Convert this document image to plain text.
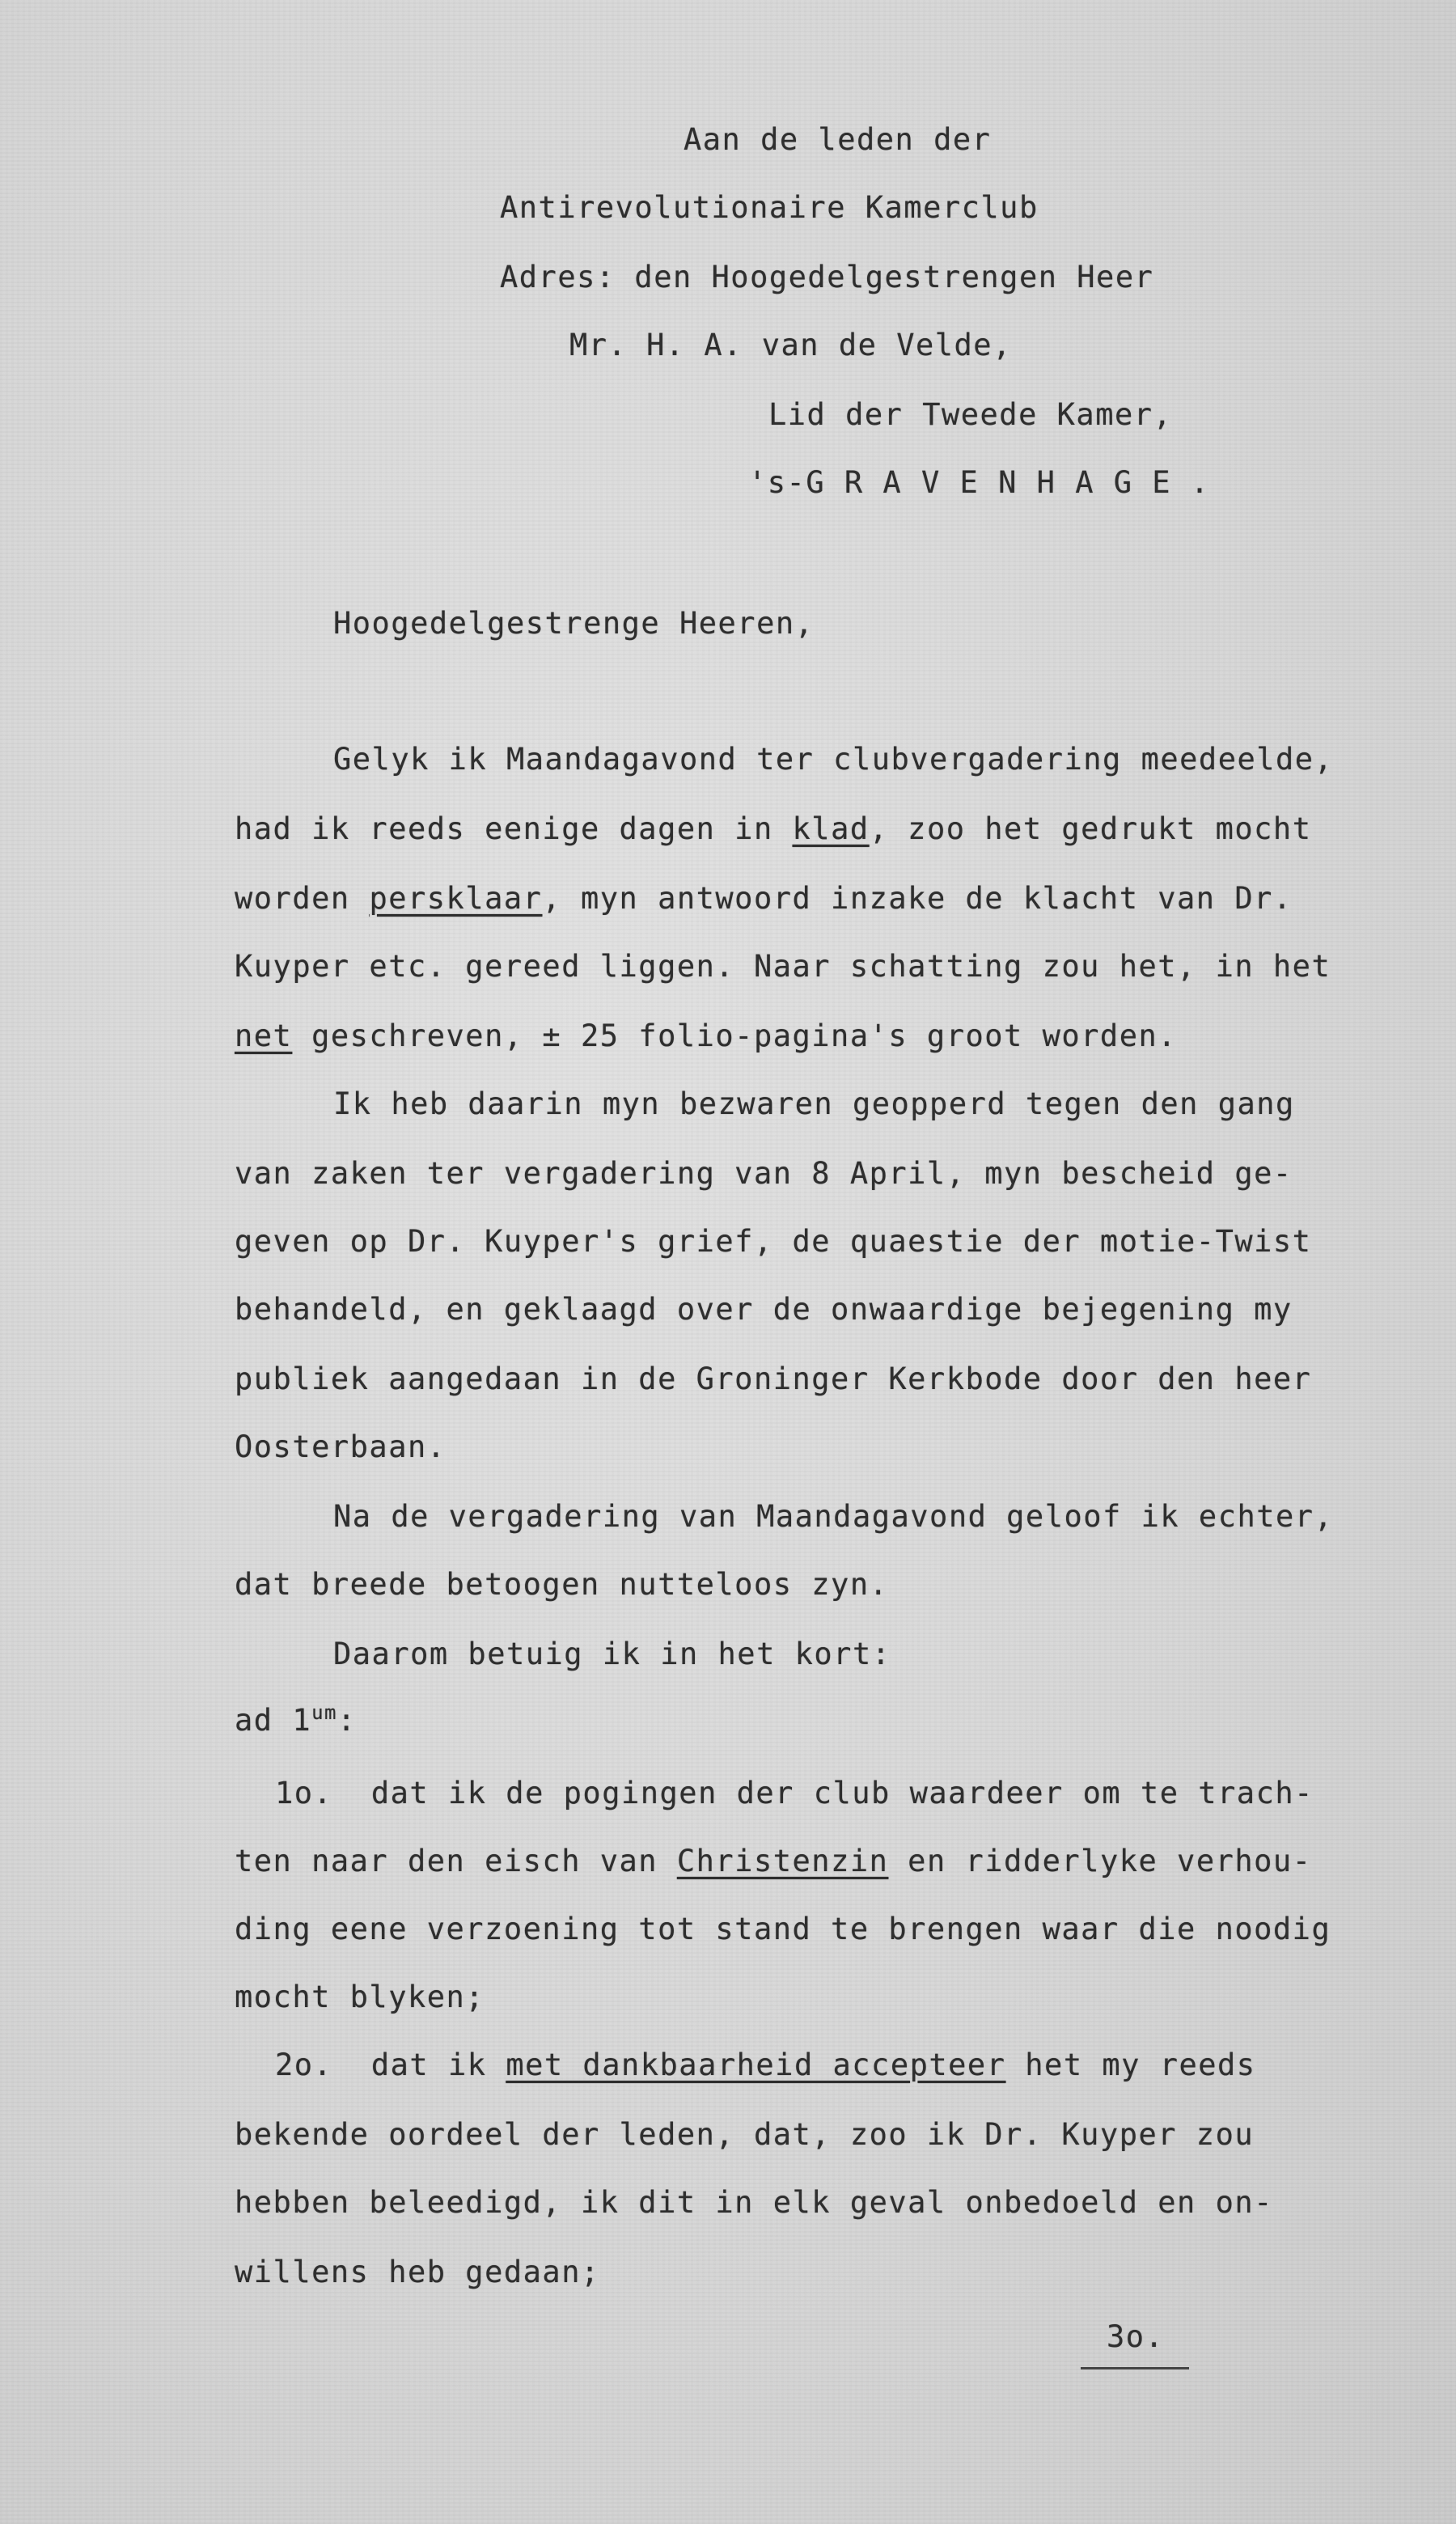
Aan de leden der
Antirevolutionaire Kamerclub
Adres: den Hoogedelgestrengen Heer
Mr. H. A. van de Velde,
Lid der Tweede Kamer,
's-G R A V E N H A G E .
Hoogedelgestrenge Heeren,
Gelyk ik Maandagavond ter clubvergadering meedeelde,
had ik reeds eenige dagen in klad, zoo het gedrukt mocht
worden persklaar, myn antwoord inzake de klacht van Dr.
Kuyper etc. gereed liggen. Naar schatting zou het, in het
net geschreven, ± 25 folio-pagina's groot worden.
Ik heb daarin myn bezwaren geopperd tegen den gang
van zaken ter vergadering van 8 April, myn bescheid ge-
geven op Dr. Kuyper's grief, de quaestie der motie-Twist
behandeld, en geklaagd over de onwaardige bejegening my
publiek aangedaan in de Groninger Kerkbode door den heer
Oosterbaan.
Na de vergadering van Maandagavond geloof ik echter,
dat breede betoogen nutteloos zyn.
Daarom betuig ik in het kort:
ad $1^{um}$:
1o.  dat ik de pogingen der club waardeer om te trach-
ten naar den eisch van Christenzin en ridderlyke verhou-
ding eene verzoening tot stand te brengen waar die noodig
mocht blyken;
2o.  dat ik met dankbaarheid accepteer het my reeds
bekende oordeel der leden, dat, zoo ik Dr. Kuyper zou
hebben beleedigd, ik dit in elk geval onbedoeld en on-
willens heb gedaan;
3o.
